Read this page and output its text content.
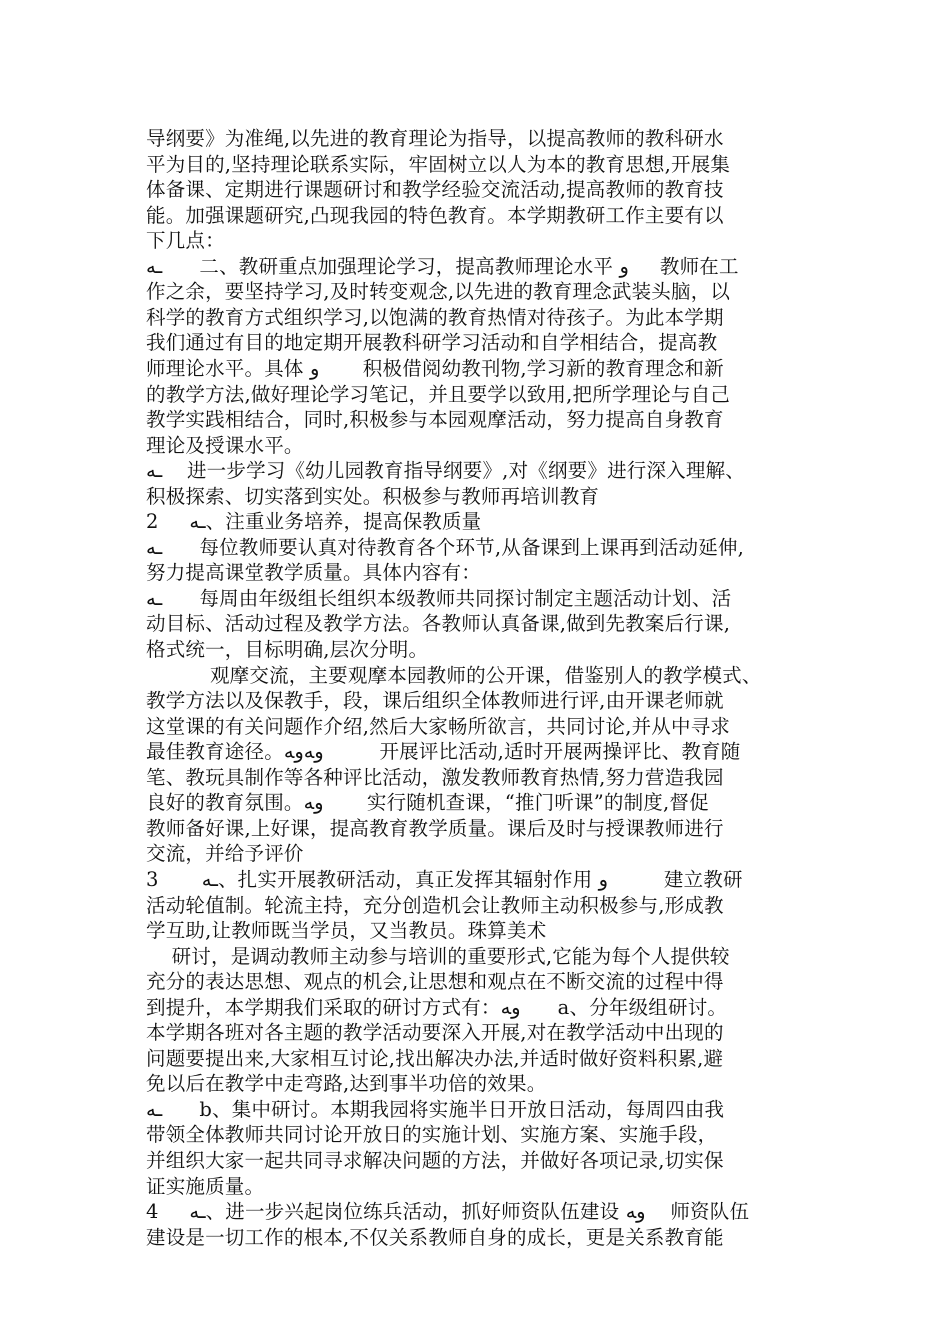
导纲要》为准绳,以先进的教育理论为指导，以提高教师的教科研水
平为目的,坚持理论联系实际，牢固树立以人为本的教育思想,开展集
体备课、定期进行课题研讨和教学经验交流活动,提高教师的教育技
能。加强课题研究,凸现我园的特色教育。本学期教研工作主要有以
下几点：
ـه      二、教研重点加强理论学习，提高教师理论水平 ﻭ     教师在工
作之余，要坚持学习,及时转变观念,以先进的教育理念武装头脑，以
科学的教育方式组织学习,以饱满的教育热情对待孩子。为此本学期
我们通过有目的地定期开展教科研学习活动和自学相结合，提高教
师理论水平。具体 ﻭ       积极借阅幼教刊物,学习新的教育理念和新
的教学方法,做好理论学习笔记，并且要学以致用,把所学理论与自己
教学实践相结合，同时,积极参与本园观摩活动，努力提高自身教育
理论及授课水平。
ـه    进一步学习《幼儿园教育指导纲要》,对《纲要》进行深入理解、
积极探索、切实落到实处。积极参与教师再培训教育
2     ـه、注重业务培养，提高保教质量
ـه      每位教师要认真对待教育各个环节,从备课到上课再到活动延伸,
努力提高课堂教学质量。具体内容有：
ـه      每周由年级组长组织本级教师共同探讨制定主题活动计划、活
动目标、活动过程及教学方法。各教师认真备课,做到先教案后行课,
格式统一，目标明确,层次分明。
观摩交流，主要观摩本园教师的公开课，借鉴别人的教学模式、
教学方法以及保教手，段，课后组织全体教师进行评,由开课老师就
这堂课的有关问题作介绍,然后大家畅所欲言，共同讨论,并从中寻求
最佳教育途径。ﻭﻪﻭﻪ         开展评比活动,适时开展两操评比、教育随
笔、教玩具制作等各种评比活动，激发教师教育热情,努力营造我园
良好的教育氛围。ﻭﻪ       实行随机查课，“推门听课”的制度,督促
教师备好课,上好课，提高教育教学质量。课后及时与授课教师进行
交流，并给予评价
3       ـه、扎实开展教研活动，真正发挥其辐射作用 ﻭ         建立教研
活动轮值制。轮流主持，充分创造机会让教师主动积极参与,形成教
学互助,让教师既当学员，又当教员。珠算美术
研讨，是调动教师主动参与培训的重要形式,它能为每个人提供较
充分的表达思想、观点的机会,让思想和观点在不断交流的过程中得
到提升，本学期我们采取的研讨方式有：ﻭﻪ      a、分年级组研讨。
本学期各班对各主题的教学活动要深入开展,对在教学活动中出现的
问题要提出来,大家相互讨论,找出解决办法,并适时做好资料积累,避
免以后在教学中走弯路,达到事半功倍的效果。
ـه      b、集中研讨。本期我园将实施半日开放日活动，每周四由我
带领全体教师共同讨论开放日的实施计划、实施方案、实施手段，
并组织大家一起共同寻求解决问题的方法，并做好各项记录,切实保
证实施质量。
4     ـه、进一步兴起岗位练兵活动，抓好师资队伍建设 ﻭﻪ    师资队伍
建设是一切工作的根本,不仅关系教师自身的成长，更是关系教育能
